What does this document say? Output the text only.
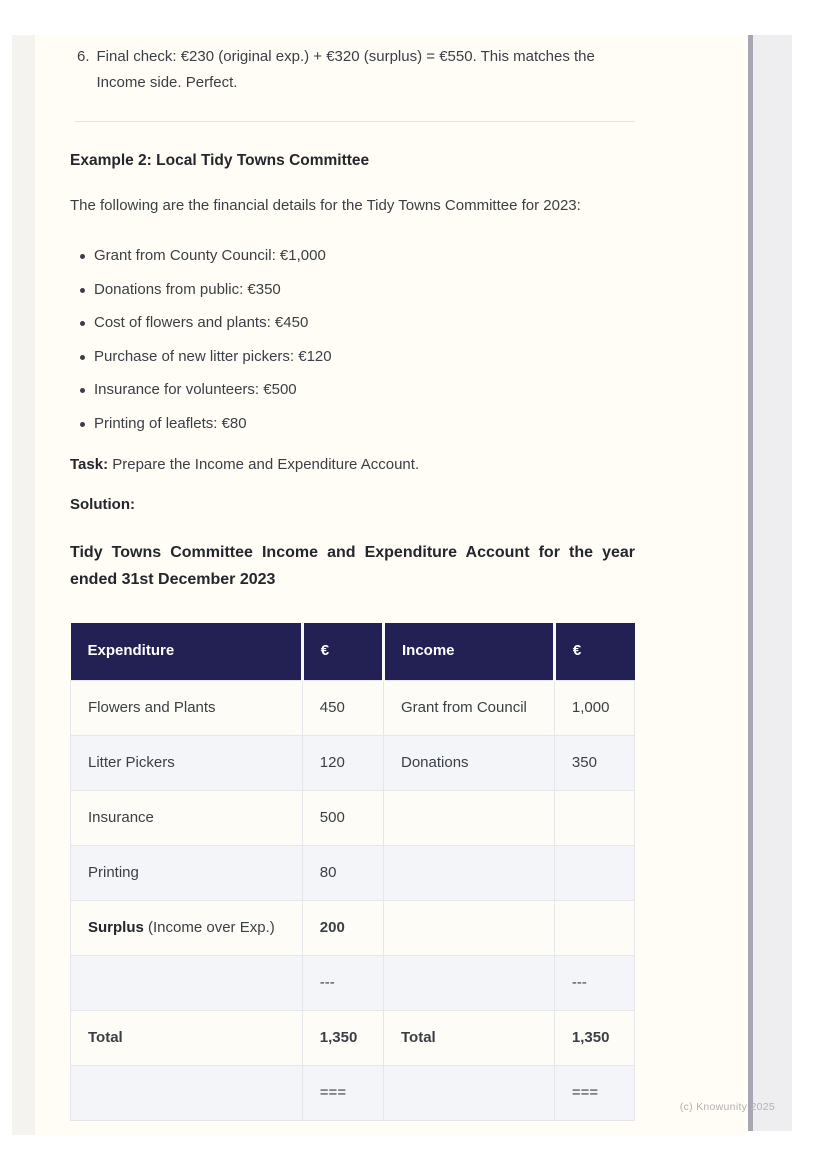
6. Final check: €230 (original exp.) + €320 (surplus) = €550. This matches the Income side. Perfect.
Example 2: Local Tidy Towns Committee

The following are the financial details for the Tidy Towns Committee for 2023:

Grant from County Council: €1,000
Donations from public: €350
Cost of flowers and plants: €450
Purchase of new litter pickers: €120
Insurance for volunteers: €500
Printing of leaflets: €80

Task: Prepare the Income and Expenditure Account.

Solution:

Tidy Towns Committee Income and Expenditure Account for the year ended 31st December 2023
Expenditure	€	Income	€
Flowers and Plants	450	Grant from Council	1,000
Litter Pickers	120	Donations	350
Insurance	500		
Printing	80		
Surplus (Income over Exp.)	200		
	---		---
Total	1,350	Total	1,350
	===		===
(c) Knowunity 2025
